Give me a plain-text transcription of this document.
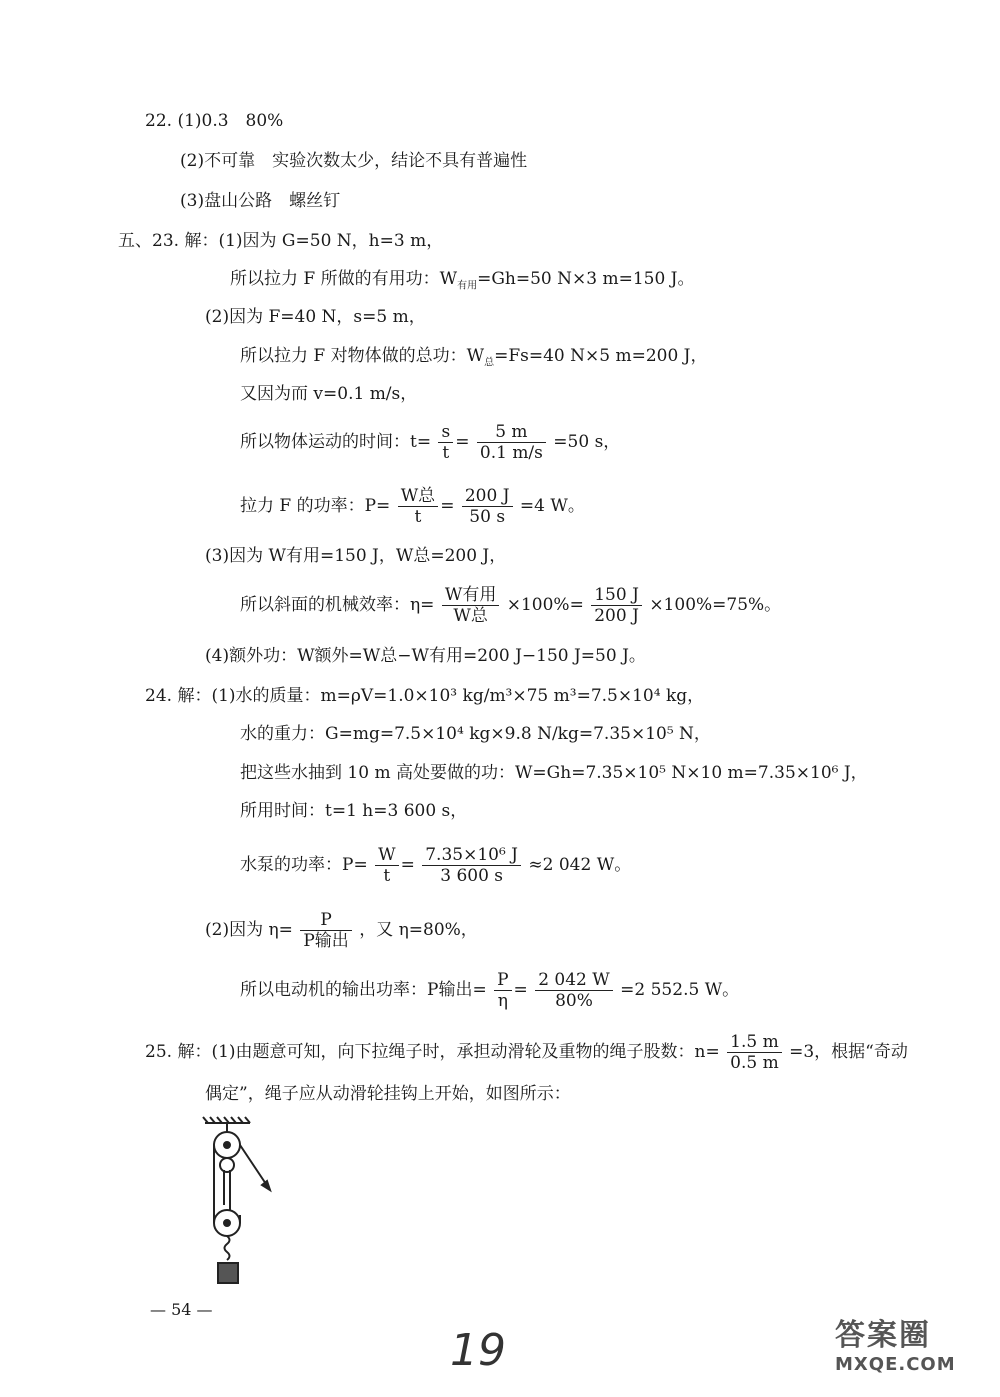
22. (1)0.3　80%
(2)不可靠　实验次数太少，结论不具有普遍性
(3)盘山公路　螺丝钉
五、23. 解：(1)因为 G=50 N，h=3 m，
所以拉力 F 所做的有用功：$W_{有用}=Gh=50$ N×3 m=150 J。
(2)因为 F=40 N，s=5 m，
所以拉力 F 对物体做的总功：$W_总=Fs=40$ N×5 m=200 J，
又因为而 v=0.1 m/s，
所以物体运动的时间：$t= \frac{s}{t} = \frac{5 m}{0.1 m/s} =50$ s，
拉力 F 的功率：$P= \frac{\text{W总}}{t} = \frac{200 J}{50 s} =4$ W。
(3)因为 W有用=150 J，W总=200 J，
所以斜面的机械效率：$\eta= \frac{\text{W有用}}{\text{W总}} \times 100\%= \frac{150 J}{200 J} \times 100\%=75\%$。
(4)额外功：W额外=W总−W有用=200 J−150 J=50 J。
24. 解：(1)水的质量：m=ρV=1.0×10³ kg/m³×75 m³=7.5×10⁴ kg，
水的重力：G=mg=7.5×10⁴ kg×9.8 N/kg=7.35×10⁵ N，
把这些水抽到 10 m 高处要做的功：W=Gh=7.35×10⁵ N×10 m=7.35×10⁶ J，
所用时间：t=1 h=3 600 s，
水泵的功率：$P= \frac{W}{t} = \frac{\text{7.35×10⁶ J}}{3 600 s} \approx 2$ 042 W。
(2)因为 $\eta= \frac{P}{\text{P输出}}$ ，又 η=80%，
所以电动机的输出功率：P输出= $\frac{P}{\eta} = \frac{2 042 W}{80\%} =2$ 552.5 W。
25. 解：(1)由题意可知，向下拉绳子时，承担动滑轮及重物的绳子股数：$n= \frac{1.5 m}{0.5 m} =3$，根据“奇动
偶定”，绳子应从动滑轮挂钩上开始，如图所示：
— 54 —
19	答案圈
MXQE.COM
